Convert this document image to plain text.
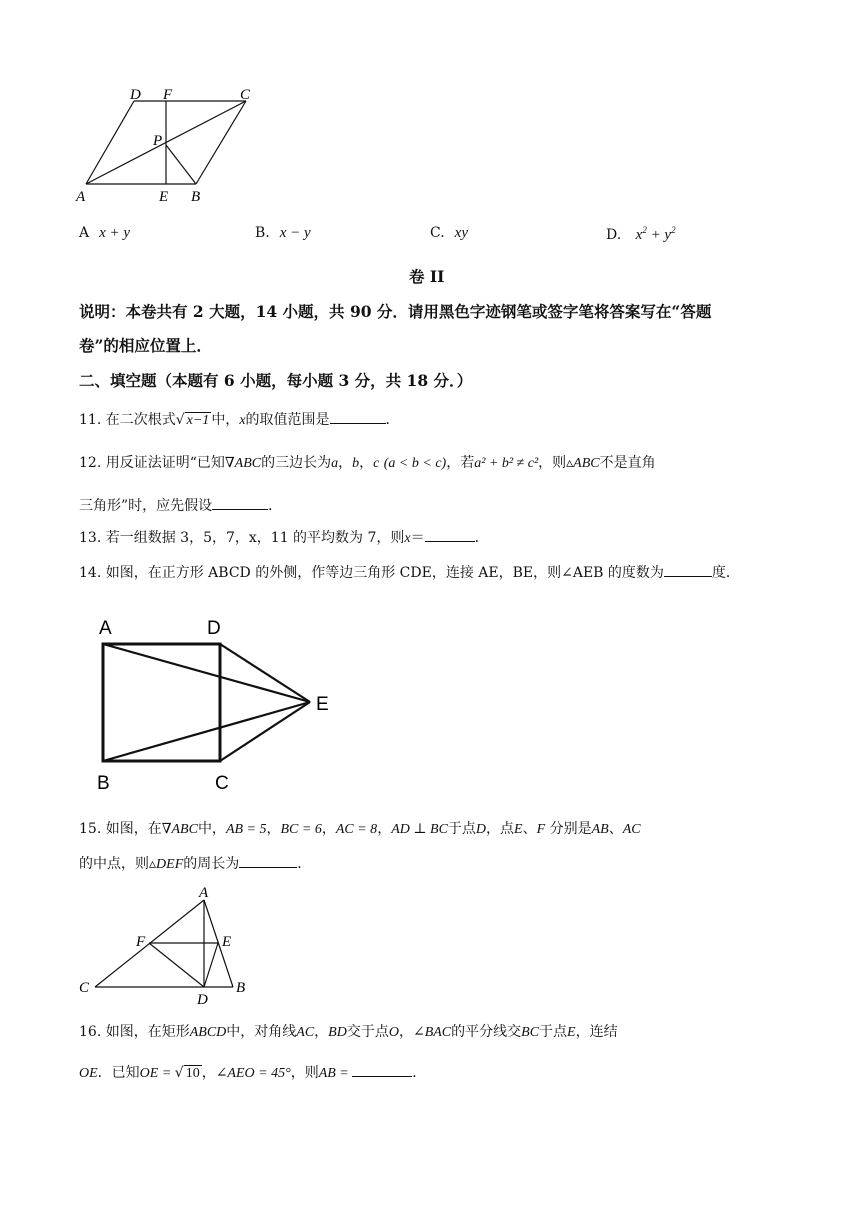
D F	C
P
A	E B
A x + y	B. x − y	C. xy	D. $x^2 + y^2$
卷 II
说明：本卷共有 2 大题，14 小题，共 90 分．请用黑色字迹钢笔或签字笔将答案写在“答题
卷”的相应位置上．
二、填空题（本题有 6 小题，每小题 3 分，共 18 分．）
11. 在二次根式√ x−1 中，x的取值范围是	．
12. 用反证法证明“已知∇ABC的三边长为a，b，c (a < b < c)，若a² + b² ≠ c²，则▵ABC不是直角
三角形”时，应先假设	．
13. 若一组数据 3，5，7，x，11 的平均数为 7，则x＝	．
14. 如图，在正方形 ABCD 的外侧，作等边三角形 CDE，连接 AE，BE，则∠AEB 的度数为	度．
A	D
E
B	C
15. 如图，在∇ABC中，AB = 5，BC = 6，AC = 8，AD ⊥ BC于点D，点E、F 分别是AB、AC
的中点，则▵DEF的周长为	．
A
F	E
C
D
B
16. 如图，在矩形ABCD中，对角线AC，BD交于点O，∠BAC的平分线交BC于点E，连结
OE．已知OE = √ 10 ，∠AEO = 45°，则AB =	．
